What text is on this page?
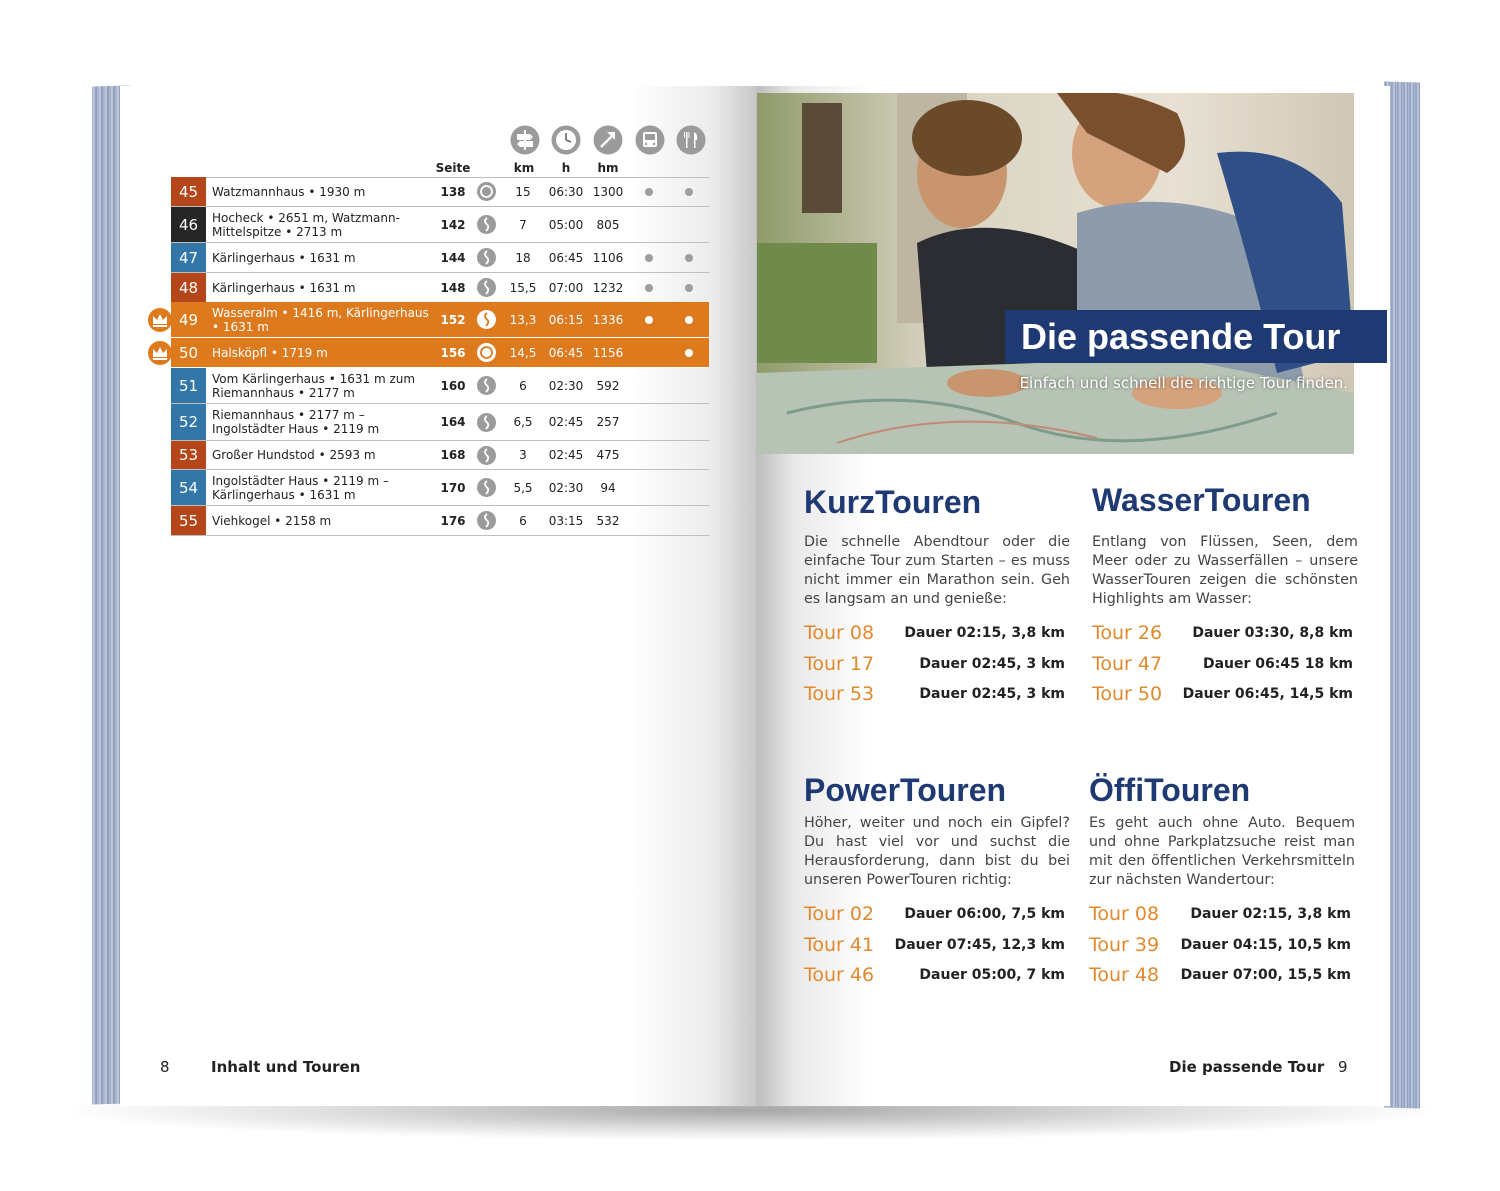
Seite	km	h	hm
45	Watzmannhaus • 1930 m	138	15	06:30 1300
46	Hocheck • 2651 m, Watzmann-Mittelspitze • 2713 m	142	7	05:00	805
47	Kärlingerhaus • 1631 m	144	18	06:45 1106
48	Kärlingerhaus • 1631 m	148	15,5	07:00 1232
49	Wasseralm • 1416 m, Kärlingerhaus • 1631 m	152	13,3	06:15 1336
50	Halsköpfl • 1719 m	156	14,5	06:45 1156
51	Vom Kärlingerhaus • 1631 m zum Riemannhaus • 2177 m	160	6	02:30	592
52	Riemannhaus • 2177 m – Ingolstädter Haus • 2119 m	164	6,5	02:45	257
53	Großer Hundstod • 2593 m	168	3	02:45	475
54	Ingolstädter Haus • 2119 m – Kärlingerhaus • 1631 m	170	5,5	02:30	94
55	Viehkogel • 2158 m	176	6	03:15	532
8	Inhalt und Touren
Die passende Tour
Einfach und schnell die richtige Tour finden.
KurzTouren
Die schnelle Abendtour oder die einfache Tour zum Starten – es muss nicht immer ein Marathon sein. Geh es langsam an und genieße:
WasserTouren
Entlang von Flüssen, Seen, dem Meer oder zu Wasserfällen – unsere WasserTouren zeigen die schönsten Highlights am Wasser:
PowerTouren
Höher, weiter und noch ein Gipfel? Du hast viel vor und suchst die Herausforderung, dann bist du bei unseren PowerTouren richtig:
ÖffiTouren
Es geht auch ohne Auto. Bequem und ohne Parkplatzsuche reist man mit den öffentlichen Verkehrsmitteln zur nächsten Wandertour:
Tour 08 Dauer 02:15, 3,8 km
Tour 17	Dauer 02:45, 3 km
Tour 53	Dauer 02:45, 3 km
Tour 26 Dauer 03:30, 8,8 km
Tour 47	Dauer 06:45 18 km
Tour 50 Dauer 06:45, 14,5 km
Tour 02 Dauer 06:00, 7,5 km
Tour 41 Dauer 07:45, 12,3 km
Tour 46	Dauer 05:00, 7 km
Tour 08 Dauer 02:15, 3,8 km
Tour 39 Dauer 04:15, 10,5 km
Tour 48 Dauer 07:00, 15,5 km
Die passende Tour 9
